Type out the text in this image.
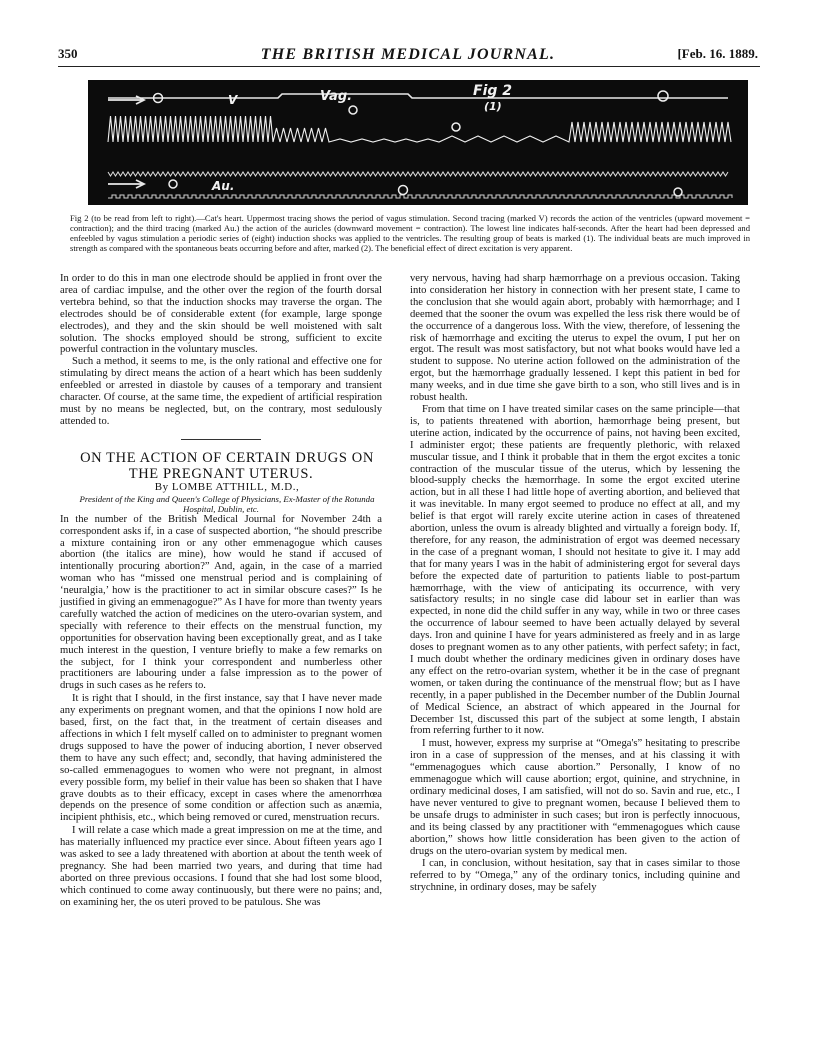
350	THE BRITISH MEDICAL JOURNAL.	[Feb. 16. 1889.
V	Vag.	Fig 2
(1)
Au.
Fig 2 (to be read from left to right).—Cat's heart. Uppermost tracing shows the period of vagus stimulation. Second tracing (marked V) records the action of the ventricles (upward movement = contraction); and the third tracing (marked Au.) the action of the auricles (downward movement = contraction). The lowest line indicates half-seconds. After the heart had been depressed and enfeebled by vagus stimulation a periodic series of (eight) induction shocks was applied to the ventricles. The resulting group of beats is marked (1). The individual beats are much improved in strength as compared with the spontaneous beats occurring before and after, marked (2). The beneficial effect of direct excitation is very apparent.

In order to do this in man one electrode should be applied in front over the area of cardiac impulse, and the other over the region of the fourth dorsal vertebra behind, so that the induction shocks may traverse the organ. The electrodes should be of considerable extent (for example, large sponge electrodes), and they and the skin should be well moistened with salt solution. The shocks employed should be strong, sufficient to excite powerful contraction in the voluntary muscles.

Such a method, it seems to me, is the only rational and effective one for stimulating by direct means the action of a heart which has been suddenly enfeebled or arrested in diastole by causes of a temporary and transient character. Of course, at the same time, the expedient of artificial respiration must by no means be neglected, but, on the contrary, most sedulously attended to.

ON THE ACTION OF CERTAIN DRUGS ON THE PREGNANT UTERUS.

By LOMBE ATTHILL, M.D.,

President of the King and Queen's College of Physicians, Ex-Master of the Rotunda Hospital, Dublin, etc.

In the number of the British Medical Journal for November 24th a correspondent asks if, in a case of suspected abortion, “he should prescribe a mixture containing iron or any other emmenagogue which causes abortion (the italics are mine), how would he stand if accused of intentionally procuring abortion?” And, again, in the case of a married woman who has “missed one menstrual period and is complaining of ‘neuralgia,’ how is the practitioner to act in similar obscure cases?” Is he justified in giving an emmenagogue?” As I have for more than twenty years carefully watched the action of medicines on the utero-ovarian system, and specially with reference to their effects on the menstrual function, my opportunities for observation having been exceptionally great, and as I take much interest in the question, I venture briefly to make a few remarks on the subject, for I think your correspondent and numberless other practitioners are labouring under a false impression as to the power of drugs in such cases as he refers to.

It is right that I should, in the first instance, say that I have never made any experiments on pregnant women, and that the opinions I now hold are based, first, on the fact that, in the treatment of certain diseases and affections in which I felt myself called on to administer to pregnant women drugs supposed to have the power of inducing abortion, I never observed them to have any such effect; and, secondly, that having administered the so-called emmenagogues to women who were not pregnant, in almost every possible form, my belief in their value has been so shaken that I have grave doubts as to their efficacy, except in cases where the amenorrhœa depends on the presence of some condition or affection such as anæmia, incipient phthisis, etc., which being removed or cured, menstruation recurs.

I will relate a case which made a great impression on me at the time, and has materially influenced my practice ever since. About fifteen years ago I was asked to see a lady threatened with abortion at about the tenth week of pregnancy. She had been married two years, and during that time had aborted on three previous occasions. I found that she had lost some blood, which continued to come away continuously, but there were no pains; and, on examining her, the os uteri proved to be patulous. She was

very nervous, having had sharp hæmorrhage on a previous occasion. Taking into consideration her history in connection with her present state, I came to the conclusion that she would again abort, probably with hæmorrhage; and I deemed that the sooner the ovum was expelled the less risk there would be of the occurrence of a dangerous loss. With the view, therefore, of lessening the risk of hæmorrhage and exciting the uterus to expel the ovum, I put her on ergot. The result was most satisfactory, but not what books would have led a student to suppose. No uterine action followed on the administration of the ergot, but the hæmorrhage gradually lessened. I kept this patient in bed for many weeks, and in due time she gave birth to a son, who still lives and is in robust health.

From that time on I have treated similar cases on the same principle—that is, to patients threatened with abortion, hæmorrhage being present, but uterine action, indicated by the occurrence of pains, not having been excited, I administer ergot; these patients are frequently plethoric, with relaxed muscular tissue, and I think it probable that in them the ergot excites a tonic contraction of the muscular tissue of the uterus, which by lessening the blood-supply checks the hæmorrhage. In some the ergot excited uterine action, but in all these I had little hope of averting abortion, and believed that it was inevitable. In many ergot seemed to produce no effect at all, and my belief is that ergot will rarely excite uterine action in cases of threatened abortion, unless the ovum is already blighted and virtually a foreign body. If, therefore, for any reason, the administration of ergot was deemed necessary in the case of a pregnant woman, I should not hesitate to give it. I may add that for many years I was in the habit of administering ergot for several days before the expected date of parturition to patients liable to post-partum hæmorrhage, with the view of anticipating its occurrence, with very satisfactory results; in no single case did labour set in earlier than was expected, in none did the child suffer in any way, while in two or three cases the occurrence of labour seemed to have been actually delayed by several days. Iron and quinine I have for years administered as freely and in as large doses to pregnant women as to any other patients, with perfect safety; in fact, I much doubt whether the ordinary medicines given in ordinary doses have any effect on the retro-ovarian system, whether it be in the case of pregnant women, or taken during the continuance of the menstrual flow; but as I have recently, in a paper published in the December number of the Dublin Journal of Medical Science, an abstract of which appeared in the Journal for December 1st, discussed this part of the subject at some length, I abstain from referring further to it now.

I must, however, express my surprise at “Omega's” hesitating to prescribe iron in a case of suppression of the menses, and at his classing it with “emmenagogues which cause abortion.” Personally, I know of no emmenagogue which will cause abortion; ergot, quinine, and strychnine, in ordinary medicinal doses, I am satisfied, will not do so. Savin and rue, etc., I have never ventured to give to pregnant women, because I believed them to be unsafe drugs to administer in such cases; but iron is perfectly innocuous, and its being classed by any practitioner with “emmenagogues which cause abortion,” shows how little consideration has been given to the action of drugs on the utero-ovarian system by medical men.

I can, in conclusion, without hesitation, say that in cases similar to those referred to by “Omega,” any of the ordinary tonics, including quinine and strychnine, in ordinary doses, may be safely
